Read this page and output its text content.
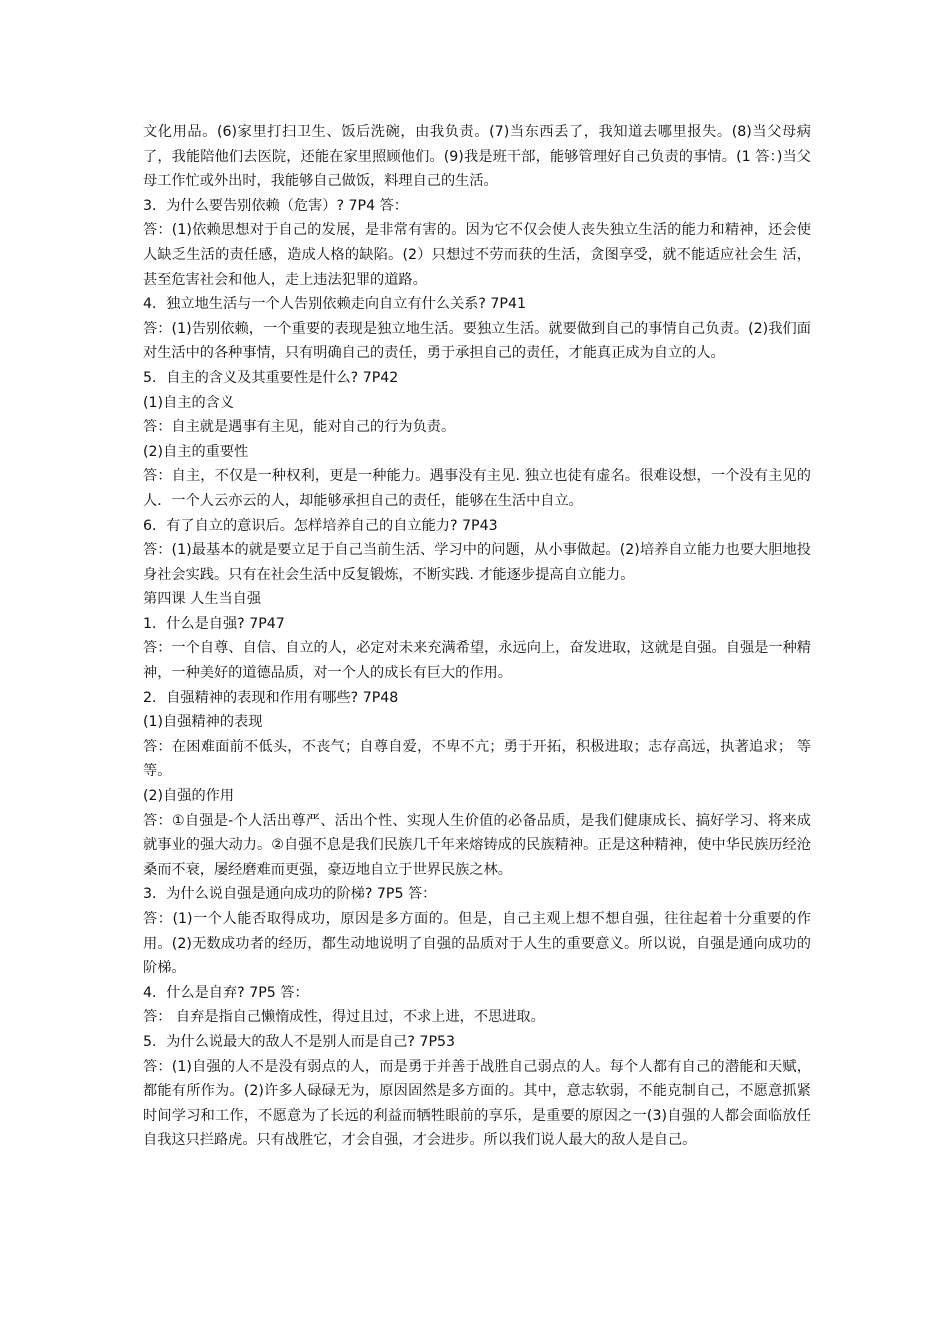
文化用品。(6)家里打扫卫生、饭后洗碗，由我负责。(7)当东西丢了，我知道去哪里报失。(8)当父母病了，我能陪他们去医院，还能在家里照顾他们。(9)我是班干部，能够管理好自己负责的事情。(1 答：)当父母工作忙或外出时，我能够自己做饭，料理自己的生活。

3．为什么要告别依赖（危害）? 7P4 答：

答：(1)依赖思想对于自己的发展，是非常有害的。因为它不仅会使人丧失独立生活的能力和精神，还会使人缺乏生活的责任感，造成人格的缺陷。(2）只想过不劳而获的生活，贪图享受，就不能适应社会生 活，甚至危害社会和他人，走上违法犯罪的道路。

4．独立地生活与一个人告别依赖走向自立有什么关系? 7P41

答：(1)告别依赖，一个重要的表现是独立地生活。要独立生活。就要做到自己的事情自己负责。(2)我们面对生活中的各种事情，只有明确自己的责任，勇于承担自己的责任，才能真正成为自立的人。

5．自主的含义及其重要性是什么? 7P42

(1)自主的含义

答：自主就是遇事有主见，能对自己的行为负责。

(2)自主的重要性

答：自主，不仅是一种权利，更是一种能力。遇事没有主见. 独立也徒有虚名。很难设想，一个没有主见的人．一个人云亦云的人，却能够承担自己的责任，能够在生活中自立。

6．有了自立的意识后。怎样培养自己的自立能力? 7P43

答：(1)最基本的就是要立足于自己当前生活、学习中的问题，从小事做起。(2)培养自立能力也要大胆地投身社会实践。只有在社会生活中反复锻炼，不断实践. 才能逐步提高自立能力。

第四课 人生当自强

1．什么是自强? 7P47

答：一个自尊、自信、自立的人，必定对未来充满希望，永远向上，奋发进取，这就是自强。自强是一种精神，一种美好的道德品质，对一个人的成长有巨大的作用。

2．自强精神的表现和作用有哪些? 7P48

(1)自强精神的表现

答：在困难面前不低头，不丧气；自尊自爱，不卑不亢；勇于开拓，积极进取；志存高远，执著追求； 等等。

(2)自强的作用

答：①自强是-个人活出尊严、活出个性、实现人生价值的必备品质，是我们健康成长、搞好学习、将来成就事业的强大动力。②自强不息是我们民族几千年来熔铸成的民族精神。正是这种精神，使中华民族历经沧桑而不衰，屡经磨难而更强，豪迈地自立于世界民族之林。

3．为什么说自强是通向成功的阶梯? 7P5 答：

答：(1)一个人能否取得成功，原因是多方面的。但是，自己主观上想不想自强，往往起着十分重要的作用。(2)无数成功者的经历，都生动地说明了自强的品质对于人生的重要意义。所以说，自强是通向成功的阶梯。

4．什么是自弃? 7P5 答：

答： 自弃是指自己懒惰成性，得过且过，不求上进，不思进取。

5．为什么说最大的敌人不是别人而是自己? 7P53

答：(1)自强的人不是没有弱点的人，而是勇于并善于战胜自己弱点的人。每个人都有自己的潜能和天赋，都能有所作为。(2)许多人碌碌无为，原因固然是多方面的。其中，意志软弱，不能克制自己，不愿意抓紧时间学习和工作，不愿意为了长远的利益而牺牲眼前的享乐，是重要的原因之一(3)自强的人都会面临放任自我这只拦路虎。只有战胜它，才会自强，才会进步。所以我们说人最大的敌人是自己。
